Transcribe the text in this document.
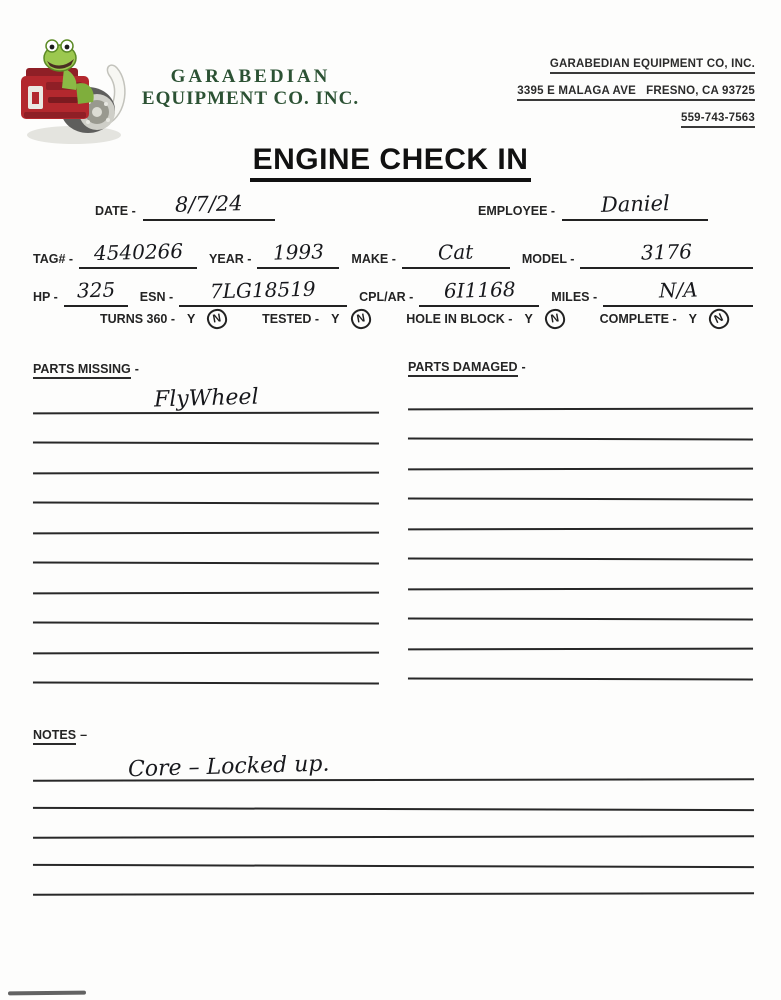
GARABEDIAN
EQUIPMENT CO. INC.
GARABEDIAN EQUIPMENT CO, INC.
3395 E MALAGA AVE   FRESNO, CA 93725
559-743-7563
ENGINE CHECK IN
DATE -	8/7/24	EMPLOYEE -	Daniel
TAG# -	4540266	YEAR -	1993	MAKE -	Cat	MODEL -	3176
HP - 325	ESN -	7LG18519	CPL/AR -	6I1168	MILES -	N/A
TURNS 360 - Y N	TESTED - Y N	HOLE IN BLOCK - Y N	COMPLETE - Y N
PARTS MISSING -
FlyWheel
PARTS DAMAGED -
NOTES –
Core – Locked up.
